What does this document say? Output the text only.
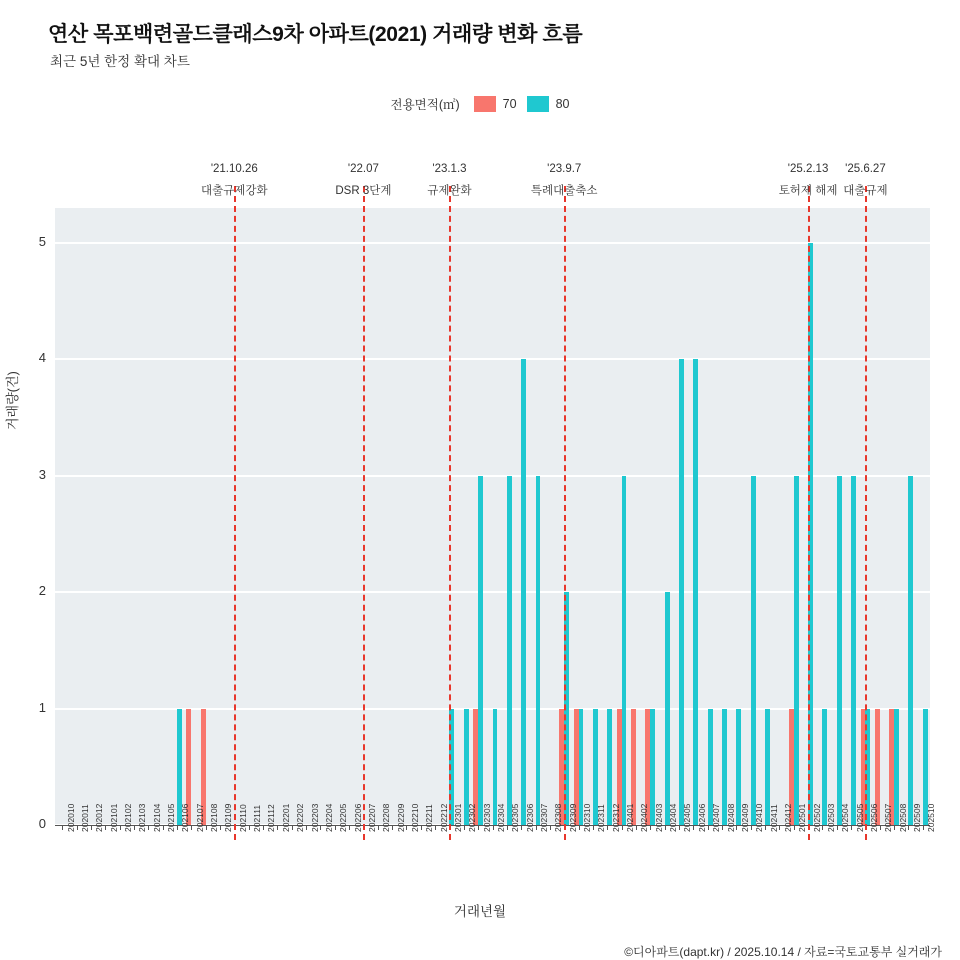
연산 목포백련골드클래스9차 아파트(2021) 거래량 변화 흐름
최근 5년 한정 확대 차트
전용면적(㎡)	70	80
0
1
2
3
4
5
거래량(건)
202010 202011 202012 202101 202102 202103 202104 202105 202106 202107 202108 202109 202110 202111 202112 202201 202202 202203 202204 202205 202206 202207 202208 202209 202210 202211 202212 202301 202302 202303 202304 202305 202306 202307 202308 202309 202310 202311 202312 202401 202402 202403 202404 202405 202406 202407 202408 202409 202410 202411 202412 202501 202502 202503 202504 202505 202506 202507 202508 202509 202510
'21.10.26
대출규제강화
'22.07
DSR 3단계
'23.1.3
규제완화
'23.9.7
특례대출축소
'25.2.13
토허제 해제
'25.6.27
대출규제
거래년월
©디아파트(dapt.kr) / 2025.10.14 / 자료=국토교통부 실거래가
